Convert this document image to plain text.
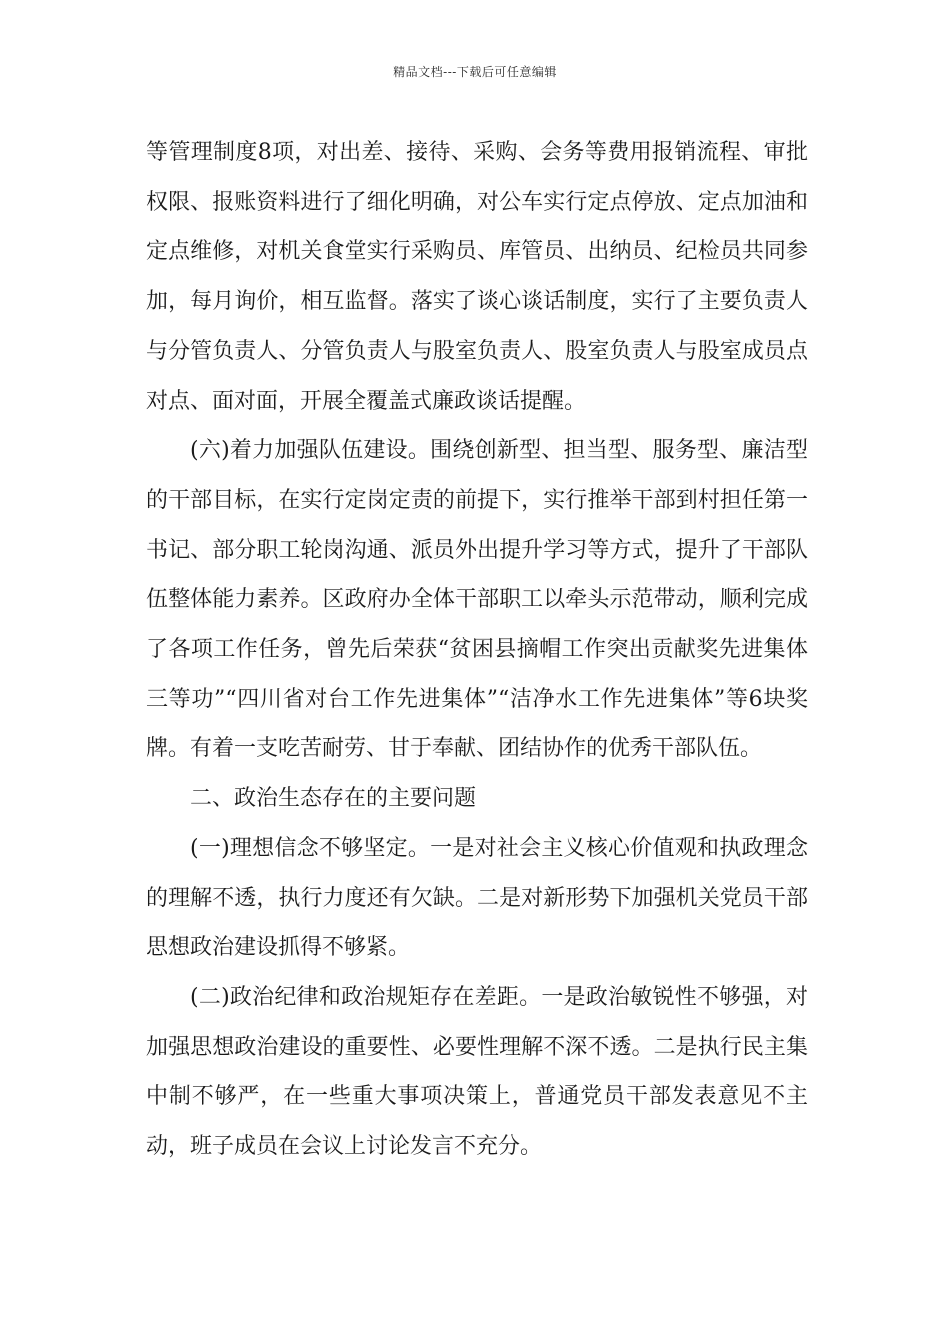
精品文档---下载后可任意编辑

等管理制度8项，对出差、接待、采购、会务等费用报销流程、审批权限、报账资料进行了细化明确，对公车实行定点停放、定点加油和定点维修，对机关食堂实行采购员、库管员、出纳员、纪检员共同参加，每月询价，相互监督。落实了谈心谈话制度，实行了主要负责人与分管负责人、分管负责人与股室负责人、股室负责人与股室成员点对点、面对面，开展全覆盖式廉政谈话提醒。

(六)着力加强队伍建设。围绕创新型、担当型、服务型、廉洁型的干部目标，在实行定岗定责的前提下，实行推举干部到村担任第一书记、部分职工轮岗沟通、派员外出提升学习等方式，提升了干部队伍整体能力素养。区政府办全体干部职工以牵头示范带动，顺利完成了各项工作任务，曾先后荣获“贫困县摘帽工作突出贡献奖先进集体三等功”“四川省对台工作先进集体”“洁净水工作先进集体”等6块奖牌。有着一支吃苦耐劳、甘于奉献、团结协作的优秀干部队伍。

二、政治生态存在的主要问题

(一)理想信念不够坚定。一是对社会主义核心价值观和执政理念的理解不透，执行力度还有欠缺。二是对新形势下加强机关党员干部思想政治建设抓得不够紧。

(二)政治纪律和政治规矩存在差距。一是政治敏锐性不够强，对加强思想政治建设的重要性、必要性理解不深不透。二是执行民主集中制不够严，在一些重大事项决策上，普通党员干部发表意见不主动，班子成员在会议上讨论发言不充分。
